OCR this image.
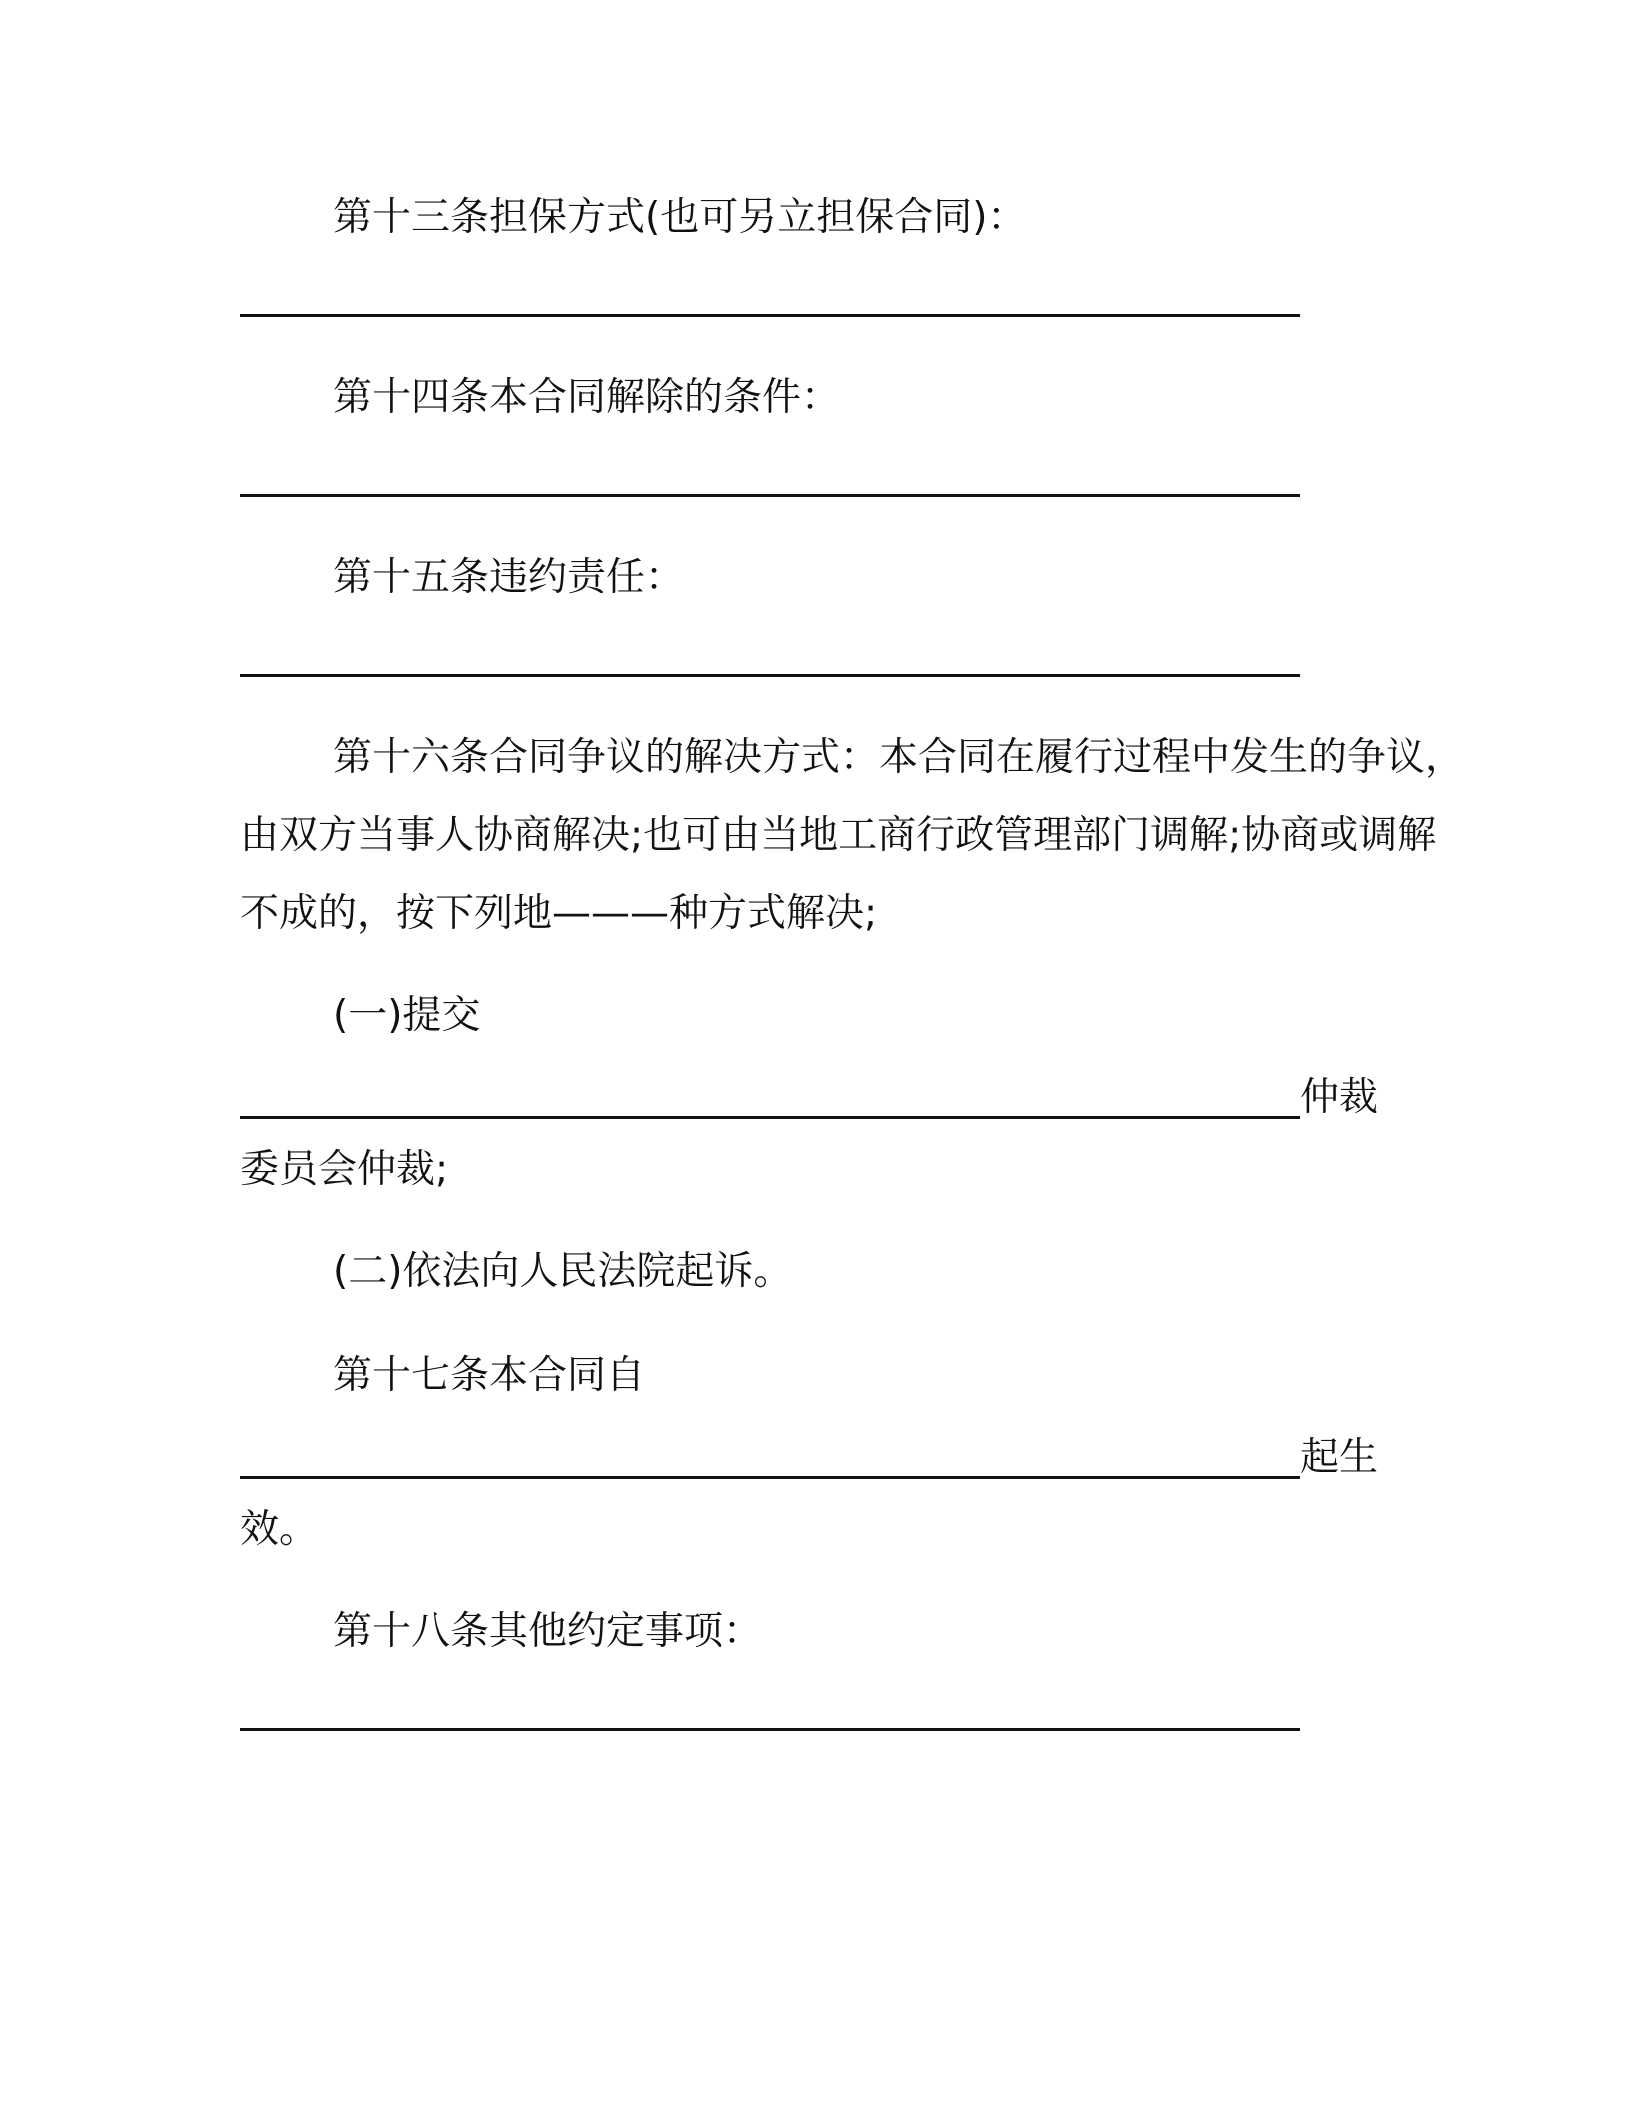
第十三条担保方式(也可另立担保合同)：
第十四条本合同解除的条件：
第十五条违约责任：
第十六条合同争议的解决方式：本合同在履行过程中发生的争议，
由双方当事人协商解决;也可由当地工商行政管理部门调解;协商或调解
不成的，按下列地———种方式解决;
(一)提交
仲裁
委员会仲裁;
(二)依法向人民法院起诉。
第十七条本合同自
起生
效。
第十八条其他约定事项：
